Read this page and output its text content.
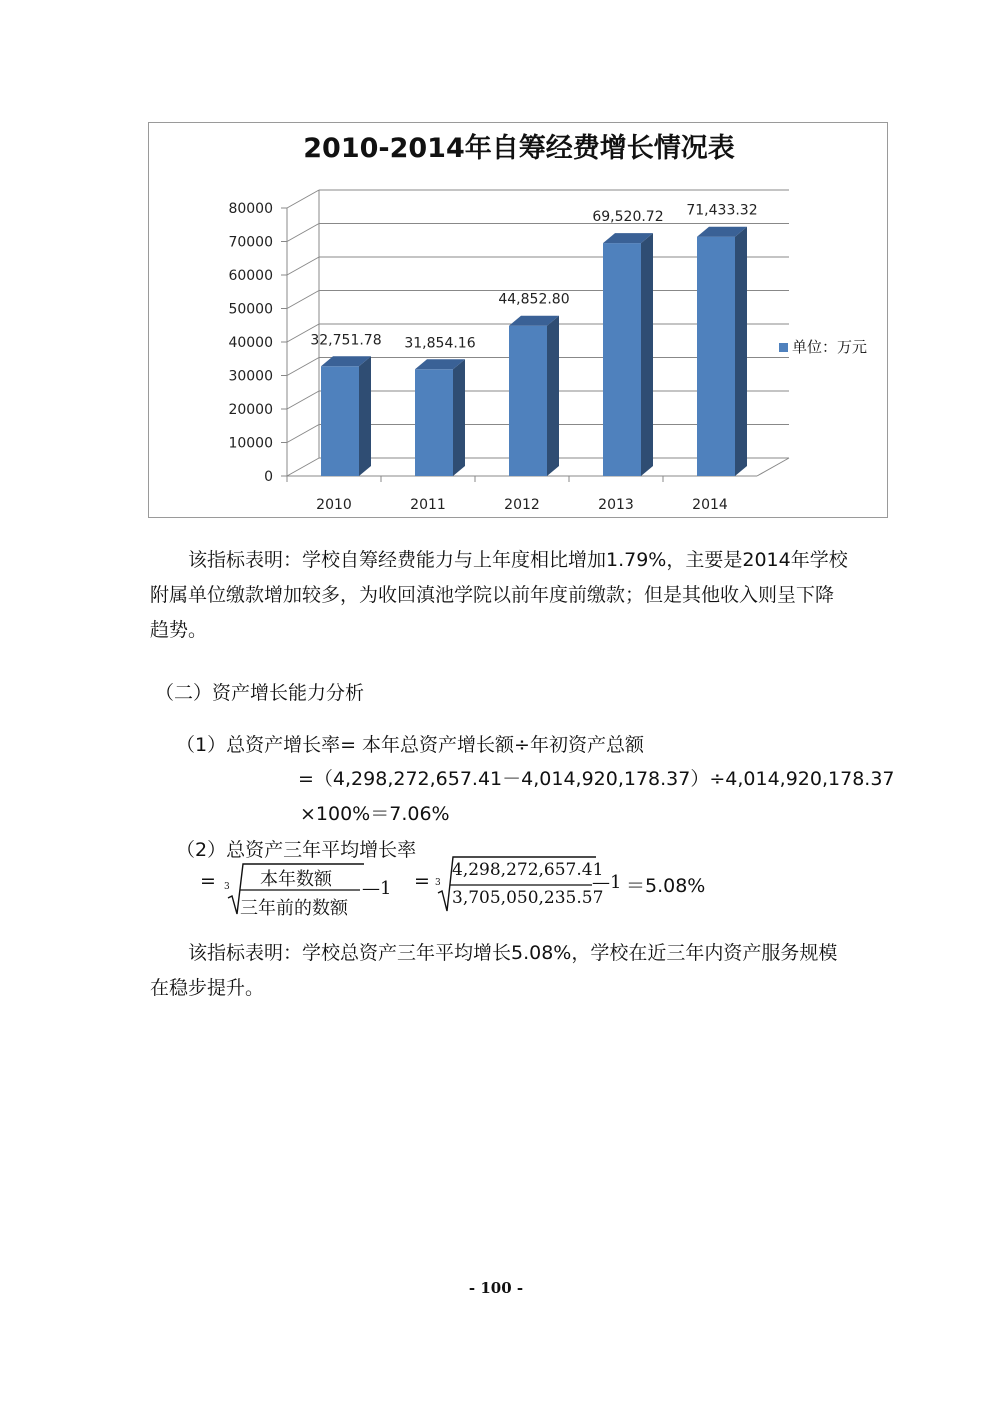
2010-2014年自筹经费增长情况表
0
10000
20000
30000
40000
50000
60000
70000
80000
32,751.78 31,854.16
44,852.80
69,520.72 71,433.32
2010	2011	2012	2013	2014
单位：万元

该指标表明：学校自筹经费能力与上年度相比增加1.79%，主要是2014年学校附属单位缴款增加较多，为收回滇池学院以前年度前缴款；但是其他收入则呈下降趋势。

（二）资产增长能力分析
（1）总资产增长率= 本年总资产增长额÷年初资产总额
=（4,298,272,657.41－4,014,920,178.37）÷4,014,920,178.37
×100%＝7.06%
（2）总资产三年平均增长率
= 3 本年数额
三年前的数额
—1 = 3
4,298,272,657.41
3,705,050,235.57
—1 ＝5.08%

该指标表明：学校总资产三年平均增长5.08%，学校在近三年内资产服务规模在稳步提升。

- 100 -
